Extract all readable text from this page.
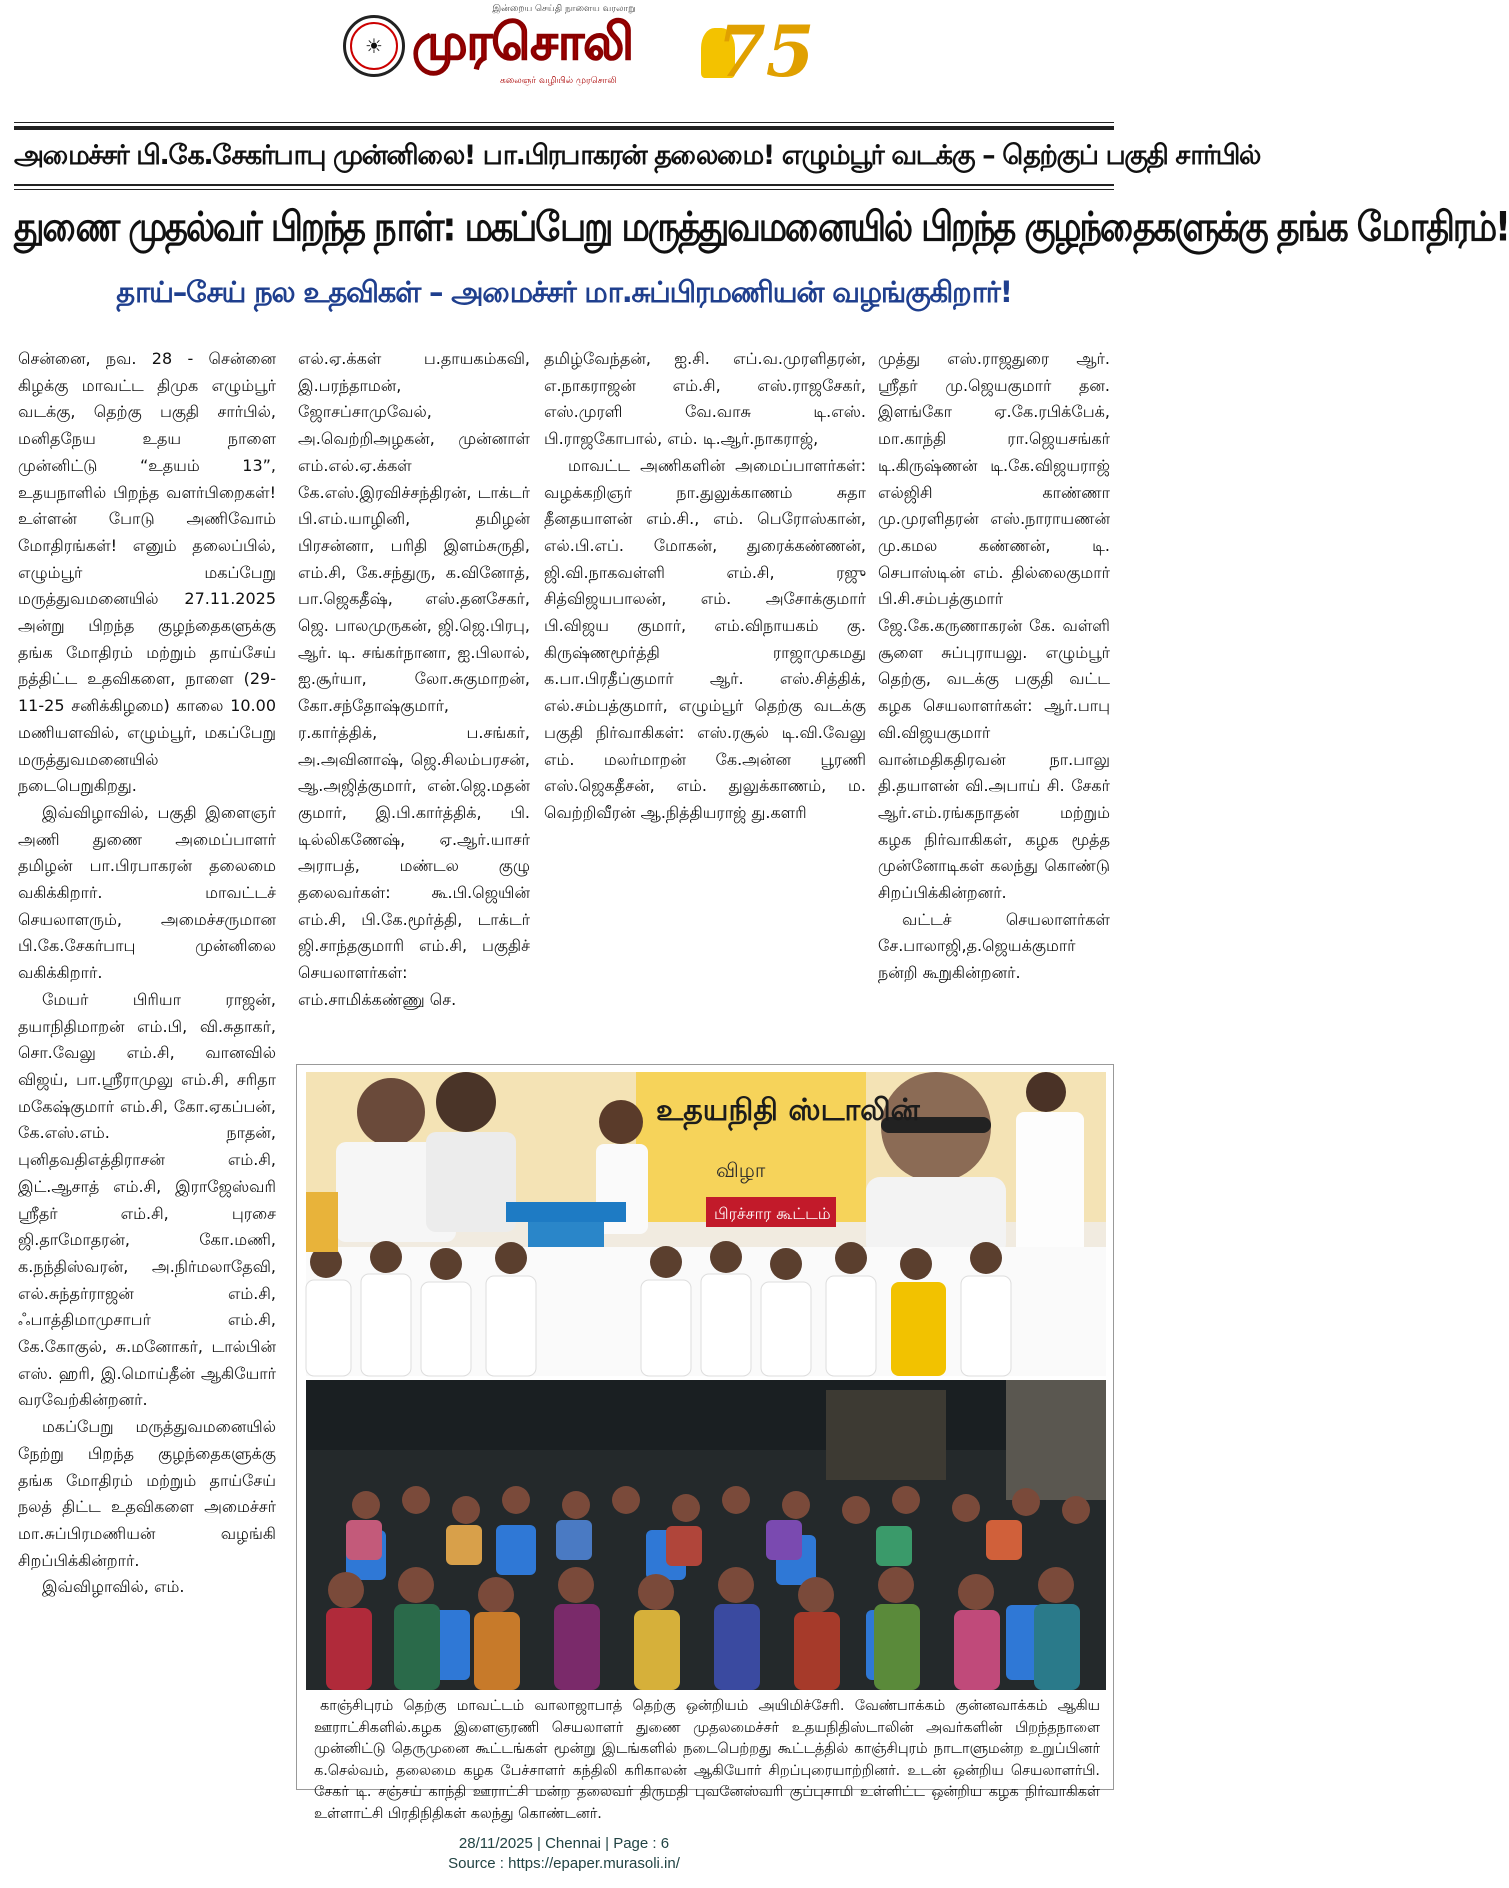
இன்றைய செய்தி நாளைய வரலாறு
☀ முரசொலி
கலைஞர் வழியில் முரசொலி 75
அமைச்சர் பி.கே.சேகர்பாபு முன்னிலை! பா.பிரபாகரன் தலைமை! எழும்பூர் வடக்கு – தெற்குப் பகுதி சார்பில்
துணை முதல்வர் பிறந்த நாள்: மகப்பேறு மருத்துவமனையில் பிறந்த குழந்தைகளுக்கு தங்க மோதிரம்!
தாய்–சேய் நல உதவிகள் – அமைச்சர் மா.சுப்பிரமணியன் வழங்குகிறார்!

சென்னை, நவ. 28 - சென்னை கிழக்கு மாவட்ட திமுக எழும்பூர் வடக்கு, தெற்கு பகுதி சார்பில், மனிதநேய உதய நாளை முன்னிட்டு “உதயம் 13”, உதயநாளில் பிறந்த வளர்பிறைகள்! உள்ளன் போடு அணிவோம் மோதிரங்கள்! எனும் தலைப்பில், எழும்பூர் மகப்பேறு மருத்துவமனையில் 27.11.2025 அன்று பிறந்த குழந்தைகளுக்கு தங்க மோதிரம் மற்றும் தாய்சேய் நத்திட்ட உதவிகளை, நாளை (29-11-25 சனிக்கிழமை) காலை 10.00 மணியளவில், எழும்பூர், மகப்பேறு மருத்துவமனையில் நடைபெறுகிறது.

இவ்விழாவில், பகுதி இளைஞர் அணி துணை அமைப்பாளர் தமிழன் பா.பிரபாகரன் தலைமை வகிக்கிறார். மாவட்டச் செயலாளரும், அமைச்சருமான பி.கே.சேகர்பாபு முன்னிலை வகிக்கிறார்.

மேயர் பிரியா ராஜன், தயாநிதிமாறன் எம்.பி, வி.சுதாகர், சொ.வேலு எம்.சி, வானவில் விஜய், பா.ஸ்ரீராமுலு எம்.சி, சரிதா மகேஷ்குமார் எம்.சி, கோ.ஏகப்பன், கே.எஸ்.எம். நாதன், புனிதவதிஎத்திராசன் எம்.சி, இட்.ஆசாத் எம்.சி, இராஜேஸ்வரி ஸ்ரீதர் எம்.சி, புரசை ஜி.தாமோதரன், கோ.மணி, க.நந்திஸ்வரன், அ.நிர்மலாதேவி, எல்.சுந்தர்ராஜன் எம்.சி, ஃபாத்திமாமுசாபர் எம்.சி, கே.கோகுல், சு.மனோகர், டால்பின் எஸ். ஹரி, இ.மொய்தீன் ஆகியோர் வரவேற்கின்றனர்.

மகப்பேறு மருத்துவமனையில் நேற்று பிறந்த குழந்தைகளுக்கு தங்க மோதிரம் மற்றும் தாய்சேய் நலத் திட்ட உதவிகளை அமைச்சர் மா.சுப்பிரமணியன் வழங்கி சிறப்பிக்கின்றார்.

இவ்விழாவில், எம்.

எல்.ஏ.க்கள் ப.தாயகம்கவி, இ.பரந்தாமன், ஜோசப்சாமுவேல், அ.வெற்றிஅழகன், முன்னாள் எம்.எல்.ஏ.க்கள் கே.எஸ்.இரவிச்சந்திரன், டாக்டர் பி.எம்.யாழினி, தமிழன் பிரசன்னா, பரிதி இளம்சுருதி, எம்.சி, கே.சந்துரு, க.வினோத், பா.ஜெகதீஷ், எஸ்.தனசேகர், ஜெ. பாலமுருகன், ஜி.ஜெ.பிரபு, ஆர். டி. சங்கர்நானா, ஐ.பிலால், ஐ.சூர்யா, லோ.சுகுமாறன், கோ.சந்தோஷ்குமார், ர.கார்த்திக், ப.சங்கர், அ.அவினாஷ், ஜெ.சிலம்பரசன், ஆ.அஜித்குமார், என்.ஜெ.மதன் குமார், இ.பி.கார்த்திக், பி. டில்லிகணேஷ், ஏ.ஆர்.யாசர் அராபத், மண்டல குழு தலைவர்கள்: கூ.பி.ஜெயின் எம்.சி, பி.கே.மூர்த்தி, டாக்டர் ஜி.சாந்தகுமாரி எம்.சி, பகுதிச் செயலாளர்கள்: எம்.சாமிக்கண்ணு செ.

தமிழ்வேந்தன், ஐ.சி. எப்.வ.முரளிதரன், எ.நாகராஜன் எம்.சி, எஸ்.ராஜசேகர், எஸ்.முரளி வே.வாசு டி.எஸ். பி.ராஜகோபால், எம். டி.ஆர்.நாகராஜ்,

மாவட்ட அணிகளின் அமைப்பாளர்கள்: வழக்கறிஞர் நா.துலுக்காணம் சுதா தீனதயாளன் எம்.சி., எம். பெரோஸ்கான், எல்.பி.எப். மோகன், துரைக்கண்ணன், ஜி.வி.நாகவள்ளி எம்.சி, ரஜு சித்விஜயபாலன், எம். அசோக்குமார் பி.விஜய குமார், எம்.விநாயகம் கு. கிருஷ்ணமூர்த்தி ராஜாமுகமது க.பா.பிரதீப்குமார் ஆர். எஸ்.சித்திக், எல்.சம்பத்குமார், எழும்பூர் தெற்கு வடக்கு பகுதி நிர்வாகிகள்: எஸ்.ரசூல் டி.வி.வேலு எம். மலர்மாறன் கே.அன்ன பூரணி எஸ்.ஜெகதீசன், எம். துலுக்காணம், ம. வெற்றிவீரன் ஆ.நித்தியராஜ் து.களரி

முத்து எஸ்.ராஜதுரை ஆர். ஸ்ரீதர் மு.ஜெயகுமார் தன. இளங்கோ ஏ.கே.ரபிக்பேக், மா.காந்தி ரா.ஜெயசங்கர் டி.கிருஷ்ணன் டி.கே.விஜயராஜ் எல்ஜிசி காண்ணா மு.முரளிதரன் எஸ்.நாராயணன் மு.கமல கண்ணன், டி. செபாஸ்டின் எம். தில்லைகுமார் பி.சி.சம்பத்குமார் ஜே.கே.கருணாகரன் கே. வள்ளி சூளை சுப்புராயலு. எழும்பூர் தெற்கு, வடக்கு பகுதி வட்ட கழக செயலாளர்கள்: ஆர்.பாபு வி.விஜயகுமார் வான்மதிகதிரவன் நா.பாலு தி.தயாளன் வி.அபாய் சி. சேகர் ஆர்.எம்.ரங்கநாதன் மற்றும் கழக நிர்வாகிகள், கழக மூத்த முன்னோடிகள் கலந்து கொண்டு சிறப்பிக்கின்றனர்.

வட்டச் செயலாளர்கள் சே.பாலாஜி,த.ஜெயக்குமார் நன்றி கூறுகின்றனர்.

உதயநிதி ஸ்டாலின்
விழா
பிரச்சார கூட்டம்
காஞ்சிபுரம் தெற்கு மாவட்டம் வாலாஜாபாத் தெற்கு ஒன்றியம் அயிமிச்சேரி. வேண்பாக்கம் குன்னவாக்கம் ஆகிய ஊராட்சிகளில்.கழக இளைஞரணி செயலாளர் துணை முதலமைச்சர் உதயநிதிஸ்டாலின் அவர்களின் பிறந்தநாளை முன்னிட்டு தெருமுனை கூட்டங்கள் மூன்று இடங்களில் நடைபெற்றது கூட்டத்தில் காஞ்சிபுரம் நாடாளுமன்ற உறுப்பினர் க.செல்வம், தலைமை கழக பேச்சாளர் கந்திலி கரிகாலன் ஆகியோர் சிறப்புரையாற்றினர். உடன் ஒன்றிய செயலாளர்பி. சேகர் டி. சஞ்சய் காந்தி ஊராட்சி மன்ற தலைவர் திருமதி புவனேஸ்வரி குப்புசாமி உள்ளிட்ட ஒன்றிய கழக நிர்வாகிகள் உள்ளாட்சி பிரதிநிதிகள் கலந்து கொண்டனர்.
28/11/2025 | Chennai | Page : 6
Source : https://epaper.murasoli.in/
